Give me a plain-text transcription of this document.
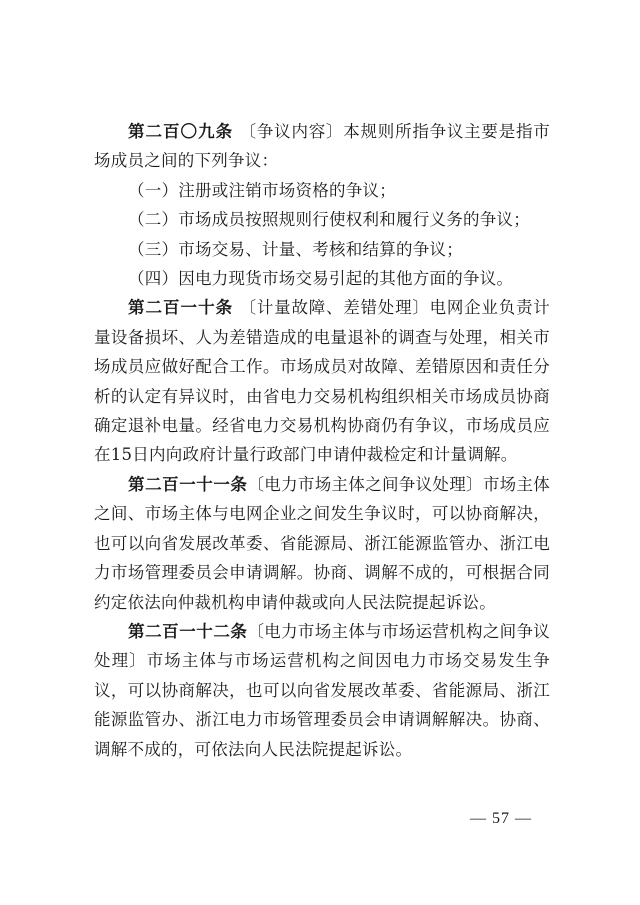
第二百〇九条 〔争议内容〕本规则所指争议主要是指市场成员之间的下列争议：

（一）注册或注销市场资格的争议；

（二）市场成员按照规则行使权利和履行义务的争议；

（三）市场交易、计量、考核和结算的争议；

（四）因电力现货市场交易引起的其他方面的争议。

第二百一十条 〔计量故障、差错处理〕电网企业负责计量设备损坏、人为差错造成的电量退补的调查与处理，相关市场成员应做好配合工作。市场成员对故障、差错原因和责任分析的认定有异议时，由省电力交易机构组织相关市场成员协商确定退补电量。经省电力交易机构协商仍有争议，市场成员应在15日内向政府计量行政部门申请仲裁检定和计量调解。

第二百一十一条〔电力市场主体之间争议处理〕市场主体之间、市场主体与电网企业之间发生争议时，可以协商解决，也可以向省发展改革委、省能源局、浙江能源监管办、浙江电力市场管理委员会申请调解。协商、调解不成的，可根据合同约定依法向仲裁机构申请仲裁或向人民法院提起诉讼。

第二百一十二条〔电力市场主体与市场运营机构之间争议处理〕市场主体与市场运营机构之间因电力市场交易发生争议，可以协商解决，也可以向省发展改革委、省能源局、浙江能源监管办、浙江电力市场管理委员会申请调解解决。协商、调解不成的，可依法向人民法院提起诉讼。

— 57 —
